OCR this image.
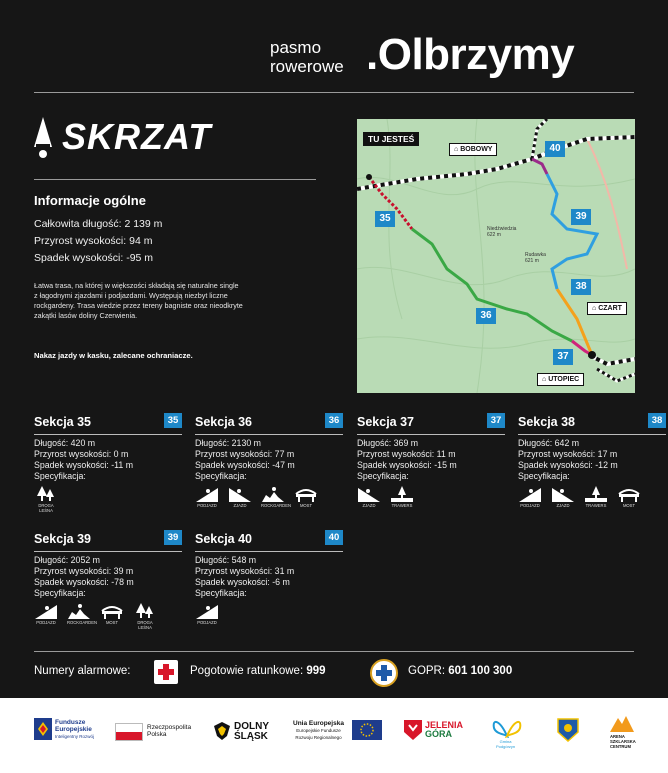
pasmo
rowerowe .Olbrzymy
SKRZAT
Informacje ogólne
Całkowita długość: 2 139 m
Przyrost wysokości: 94 m
Spadek wysokości: -95 m
Łatwa trasa, na której w większości składają się naturalne single
z łagodnymi zjazdami i podjazdami. Występują niezbyt liczne
rockgardeny. Trasa wiedzie przez tereny bagniste oraz nieodkryte
zakątki lasów doliny Czerwienia.
Nakaz jazdy w kasku, zalecane ochraniacze.
TU JESTEŚ
⌂ BOBOWY
⌂ CZART
⌂ UTOPIEC
Niedźwiedzia
622 m
Rudawka
621 m
35
36
37
38
39
40
Sekcja 35	35
Długość: 420 m
Przyrost wysokości: 0 m
Spadek wysokości: -11 m
Specyfikacja:
DROGA LEŚNA
Sekcja 36	36
Długość: 2130 m
Przyrost wysokości: 77 m
Spadek wysokości: -47 m
Specyfikacja:
PODJAZD	ZJAZD	ROCKGARDEN	MOST
Sekcja 37	37
Długość: 369 m
Przyrost wysokości: 11 m
Spadek wysokości: -15 m
Specyfikacja:
ZJAZD	TRAWERS
Sekcja 38	38
Długość: 642 m
Przyrost wysokości: 17 m
Spadek wysokości: -12 m
Specyfikacja:
PODJAZD	ZJAZD	TRAWERS	MOST
Sekcja 39	39
Długość: 2052 m
Przyrost wysokości: 39 m
Spadek wysokości: -78 m
Specyfikacja:
PODJAZD	ROCKGARDEN	MOST	DROGA LEŚNA
Sekcja 40	40
Długość: 548 m
Przyrost wysokości: 31 m
Spadek wysokości: -6 m
Specyfikacja:
PODJAZD
Numery alarmowe:	Pogotowie ratunkowe: 999	GOPR: 601 100 300
Fundusze
Europejskie
Inteligentny Rozwój
Rzeczpospolita
Polska
DOLNY
ŚLĄSK
Unia Europejska
Europejskie Fundusze
Rozwoju Regionalnego
JELENIA
GÓRA
Gmina
Podgórzyn
ARENA
SZKLARSKA
CENTRUM
